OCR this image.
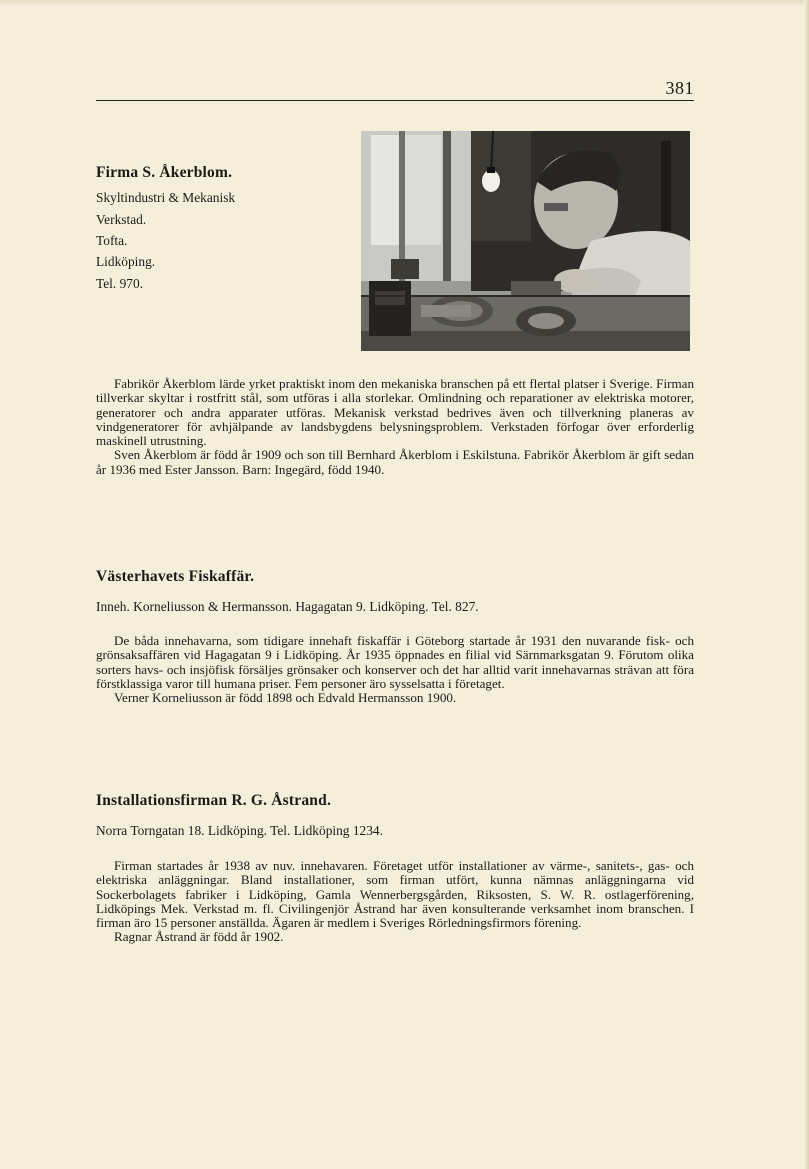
381
Firma S. Åkerblom.
Skyltindustri & Mekanisk
Verkstad.
Tofta.
Lidköping.
Tel. 970.

Fabrikör Åkerblom lärde yrket praktiskt inom den mekaniska branschen på ett flertal platser i Sverige. Firman tillverkar skyltar i rostfritt stål, som utföras i alla storlekar. Omlindning och reparationer av elektriska motorer, generatorer och andra apparater utföras. Mekanisk verkstad bedrives även och tillverkning planeras av vindgeneratorer för avhjälpande av landsbygdens belysningsproblem. Verkstaden förfogar över erforderlig maskinell utrustning.

Sven Åkerblom är född år 1909 och son till Bernhard Åkerblom i Eskilstuna. Fabrikör Åkerblom är gift sedan år 1936 med Ester Jansson. Barn: Ingegärd, född 1940.

Västerhavets Fiskaffär.
Inneh. Korneliusson & Hermansson. Hagagatan 9. Lidköping. Tel. 827.

De båda innehavarna, som tidigare innehaft fiskaffär i Göteborg startade år 1931 den nuvarande fisk- och grönsaksaffären vid Hagagatan 9 i Lidköping. År 1935 öppnades en filial vid Särnmarksgatan 9. Förutom olika sorters havs- och insjöfisk försäljes grönsaker och konserver och det har alltid varit innehavarnas strävan att föra förstklassiga varor till humana priser. Fem personer äro sysselsatta i företaget.

Verner Korneliusson är född 1898 och Edvald Hermansson 1900.

Installationsfirman R. G. Åstrand.
Norra Torngatan 18. Lidköping. Tel. Lidköping 1234.

Firman startades år 1938 av nuv. innehavaren. Företaget utför installationer av värme-, sanitets-, gas- och elektriska anläggningar. Bland installationer, som firman utfört, kunna nämnas anläggningarna vid Sockerbolagets fabriker i Lidköping, Gamla Wennerbergsgården, Riksosten, S. W. R. ostlagerförening, Lidköpings Mek. Verkstad m. fl. Civilingenjör Åstrand har även konsulterande verksamhet inom branschen. I firman äro 15 personer anställda. Ägaren är medlem i Sveriges Rörledningsfirmors förening.

Ragnar Åstrand är född år 1902.
